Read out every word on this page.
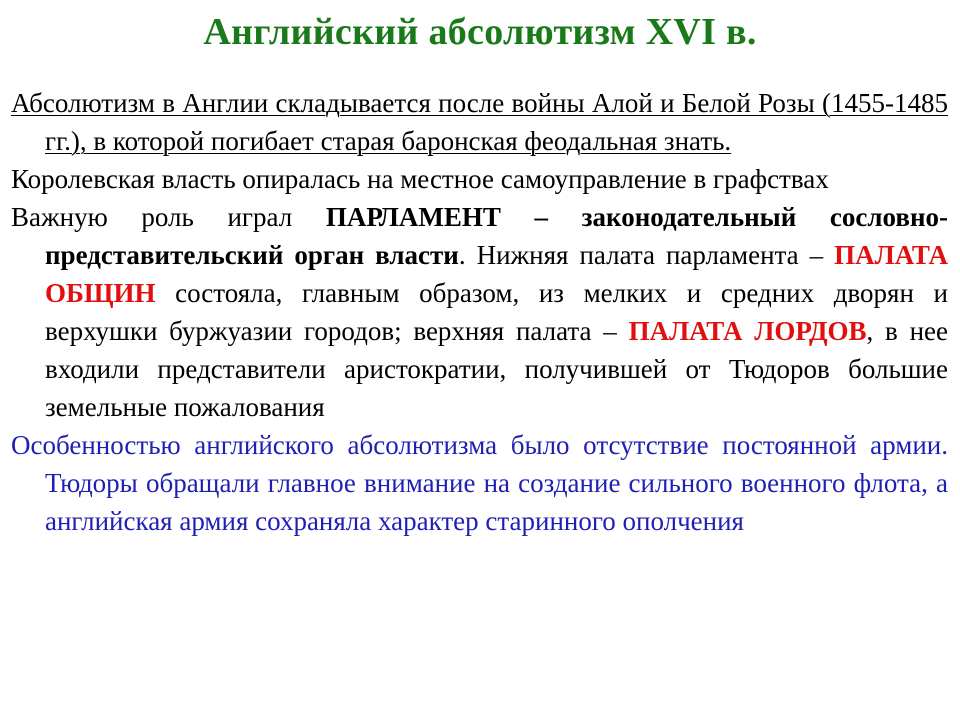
Английский абсолютизм XVI в.

Абсолютизм в Англии складывается после войны Алой и Белой Розы (1455-1485 гг.), в которой погибает старая баронская феодальная знать.

Королевская власть опиралась на местное самоуправление в графствах

Важную роль играл ПАРЛАМЕНТ – законодательный сословно-представительский орган власти. Нижняя палата парламента – ПАЛАТА ОБЩИН состояла, главным образом, из мелких и средних дворян и верхушки буржуазии городов; верхняя палата – ПАЛАТА ЛОРДОВ, в нее входили представители аристократии, получившей от Тюдоров большие земельные пожалования

Особенностью английского абсолютизма было отсутствие постоянной армии. Тюдоры обращали главное внимание на создание сильного военного флота, а английская армия сохраняла характер старинного ополчения
